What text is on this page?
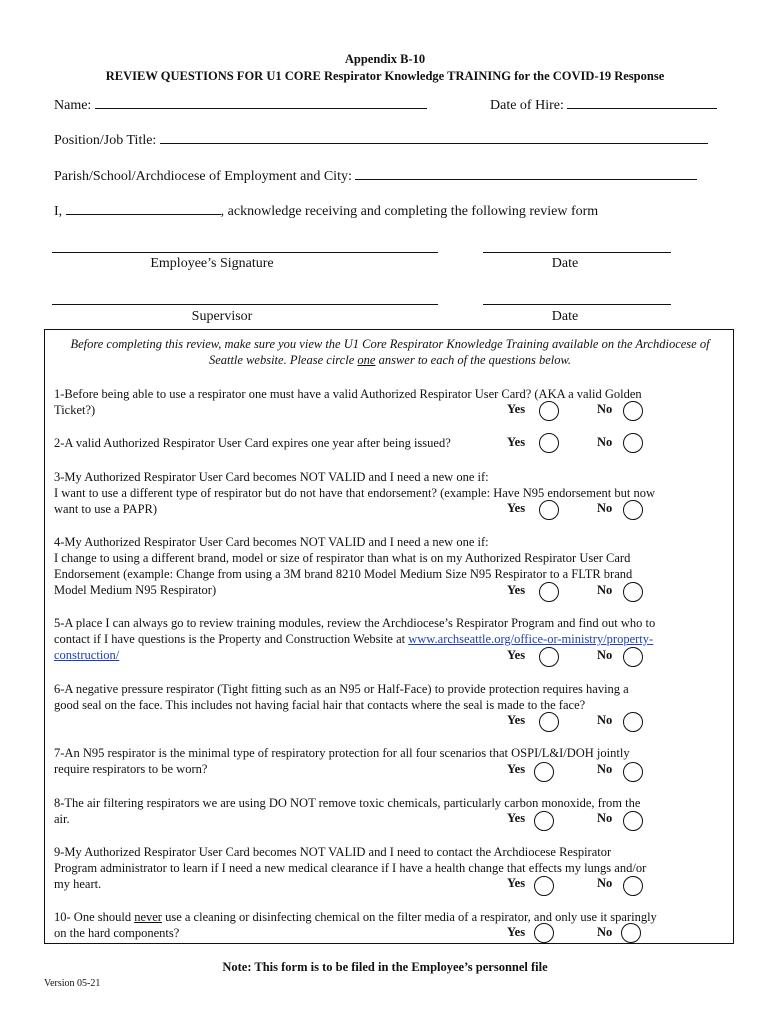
Appendix B-10
REVIEW QUESTIONS FOR U1 CORE Respirator Knowledge TRAINING for the COVID-19 Response
Name:	Date of Hire:
Position/Job Title:
Parish/School/Archdiocese of Employment and City:
I,	, acknowledge receiving and completing the following review form
Employee’s Signature	Date
Supervisor	Date
Before completing this review, make sure you view the U1 Core Respirator Knowledge Training available on the Archdiocese of Seattle website. Please circle one answer to each of the questions below.
1-Before being able to use a respirator one must have a valid Authorized Respirator User Card? (AKA a valid Golden
Ticket?)	Yes	No
2-A valid Authorized Respirator User Card expires one year after being issued?	Yes	No
3-My Authorized Respirator User Card becomes NOT VALID and I need a new one if:
I want to use a different type of respirator but do not have that endorsement? (example: Have N95 endorsement but now
want to use a PAPR)	Yes	No
4-My Authorized Respirator User Card becomes NOT VALID and I need a new one if:
I change to using a different brand, model or size of respirator than what is on my Authorized Respirator User Card
Endorsement (example: Change from using a 3M brand 8210 Model Medium Size N95 Respirator to a FLTR brand
Model Medium N95 Respirator)	Yes	No
5-A place I can always go to review training modules, review the Archdiocese’s Respirator Program and find out who to
contact if I have questions is the Property and Construction Website at www.archseattle.org/office-or-ministry/property-
construction/	Yes	No
6-A negative pressure respirator (Tight fitting such as an N95 or Half-Face) to provide protection requires having a
good seal on the face. This includes not having facial hair that contacts where the seal is made to the face?
Yes	No
7-An N95 respirator is the minimal type of respiratory protection for all four scenarios that OSPI/L&I/DOH jointly
require respirators to be worn?	Yes	No
8-The air filtering respirators we are using DO NOT remove toxic chemicals, particularly carbon monoxide, from the
air.	Yes	No
9-My Authorized Respirator User Card becomes NOT VALID and I need to contact the Archdiocese Respirator
Program administrator to learn if I need a new medical clearance if I have a health change that effects my lungs and/or
my heart.	Yes	No
10- One should never use a cleaning or disinfecting chemical on the filter media of a respirator, and only use it sparingly
on the hard components?	Yes	No
Note: This form is to be filed in the Employee’s personnel file
Version 05-21
